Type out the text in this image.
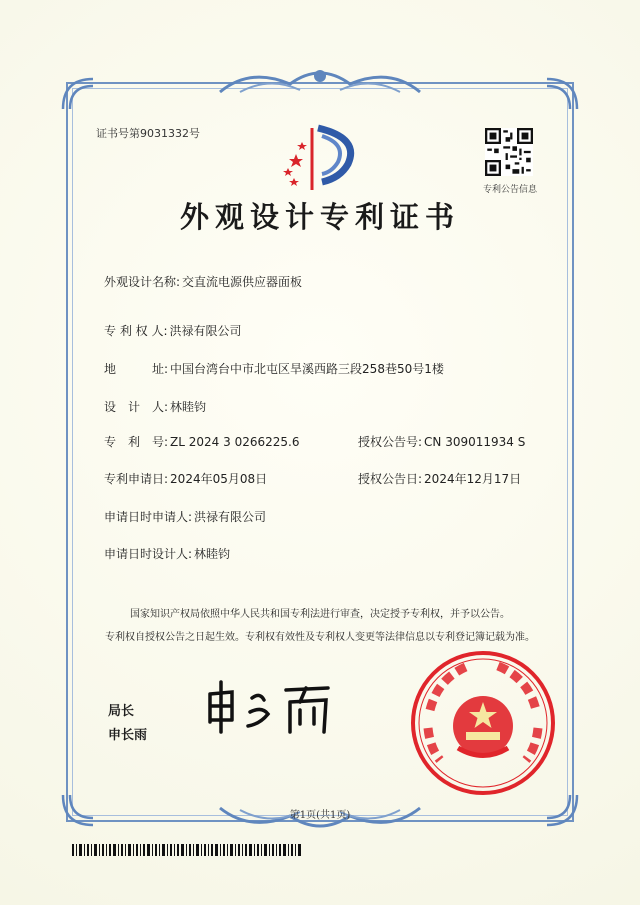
证书号第9031332号
专利公告信息
外观设计专利证书
外观设计名称: 交直流电源供应器面板
专 利 权 人: 洪禄有限公司
地　　　址: 中国台湾台中市北屯区旱溪西路三段258巷50号1楼
设　计　人: 林睦钧
专　利　号: ZL 2024 3 0266225.6	授权公告号: CN 309011934 S
专利申请日: 2024年05月08日	授权公告日: 2024年12月17日
申请日时申请人: 洪禄有限公司
申请日时设计人: 林睦钧
国家知识产权局依照中华人民共和国专利法进行审查，决定授予专利权，并予以公告。
专利权自授权公告之日起生效。专利权有效性及专利权人变更等法律信息以专利登记簿记载为准。
局长
申长雨
第1页(共1页)
